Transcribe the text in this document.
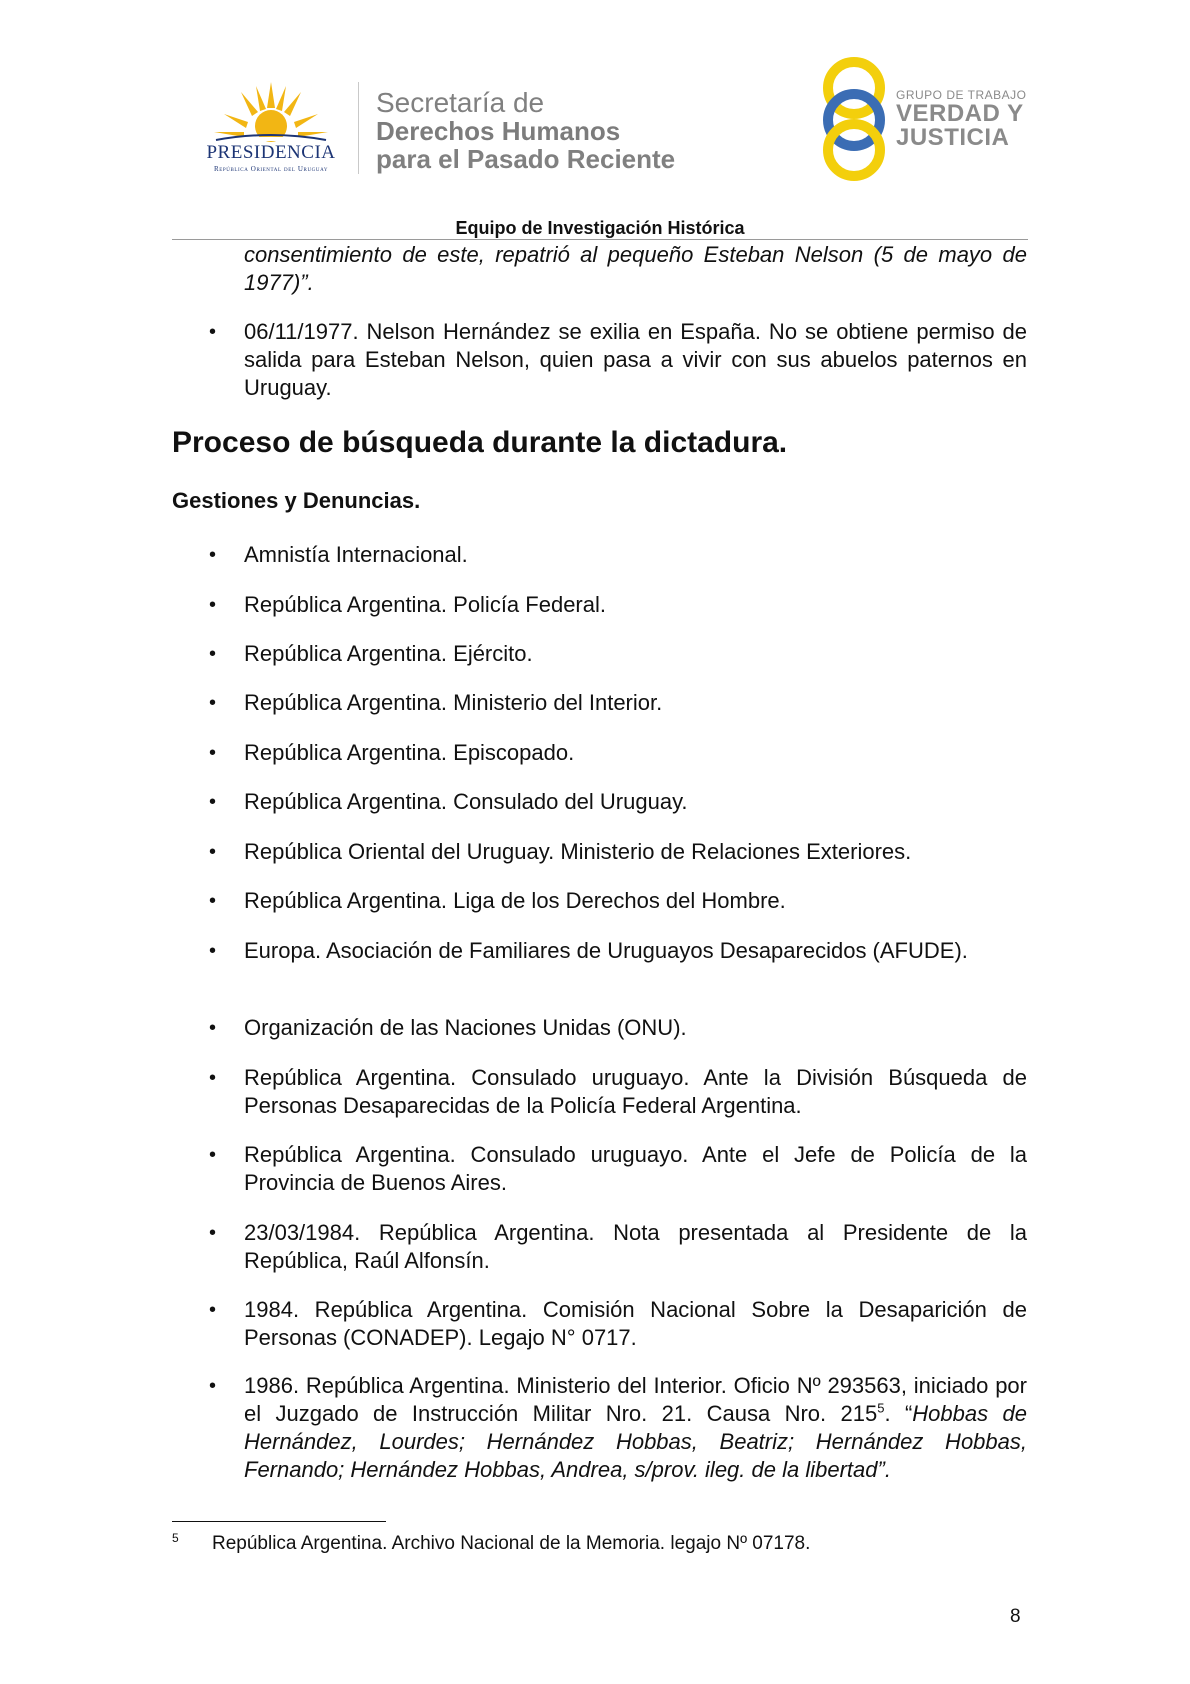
PRESIDENCIA
República Oriental del Uruguay
Secretaría de
Derechos Humanos
para el Pasado Reciente
GRUPO DE TRABAJO
VERDAD Y
JUSTICIA
Equipo de Investigación Histórica
consentimiento de este, repatrió al pequeño Esteban Nelson (5 de mayo de 1977)”.
•	06/11/1977. Nelson Hernández se exilia en España. No se obtiene permiso de salida para Esteban Nelson, quien pasa a vivir con sus abuelos paternos en Uruguay.
Proceso de búsqueda durante la dictadura.
Gestiones y Denuncias.
•	Amnistía Internacional.
•	República Argentina. Policía Federal.
•	República Argentina. Ejército.
•	República Argentina. Ministerio del Interior.
•	República Argentina. Episcopado.
•	República Argentina. Consulado del Uruguay.
•	República Oriental del Uruguay. Ministerio de Relaciones Exteriores.
•	República Argentina. Liga de los Derechos del Hombre.
•	Europa. Asociación de Familiares de Uruguayos Desaparecidos (AFUDE).
•	Organización de las Naciones Unidas (ONU).
•	República Argentina. Consulado uruguayo. Ante la División Búsqueda de Personas Desaparecidas de la Policía Federal Argentina.
•	República Argentina. Consulado uruguayo. Ante el Jefe de Policía de la Provincia de Buenos Aires.
•	23/03/1984. República Argentina. Nota presentada al Presidente de la República, Raúl Alfonsín.
•	1984. República Argentina. Comisión Nacional Sobre la Desaparición de Personas (CONADEP). Legajo N° 0717.
•	1986. República Argentina. Ministerio del Interior. Oficio Nº 293563, iniciado por el Juzgado de Instrucción Militar Nro. 21. Causa Nro. $215^5$. “Hobbas de Hernández, Lourdes; Hernández Hobbas, Beatriz; Hernández Hobbas, Fernando; Hernández Hobbas, Andrea, s/prov. ileg. de la libertad”.
5 República Argentina. Archivo Nacional de la Memoria. legajo Nº 07178.
8
